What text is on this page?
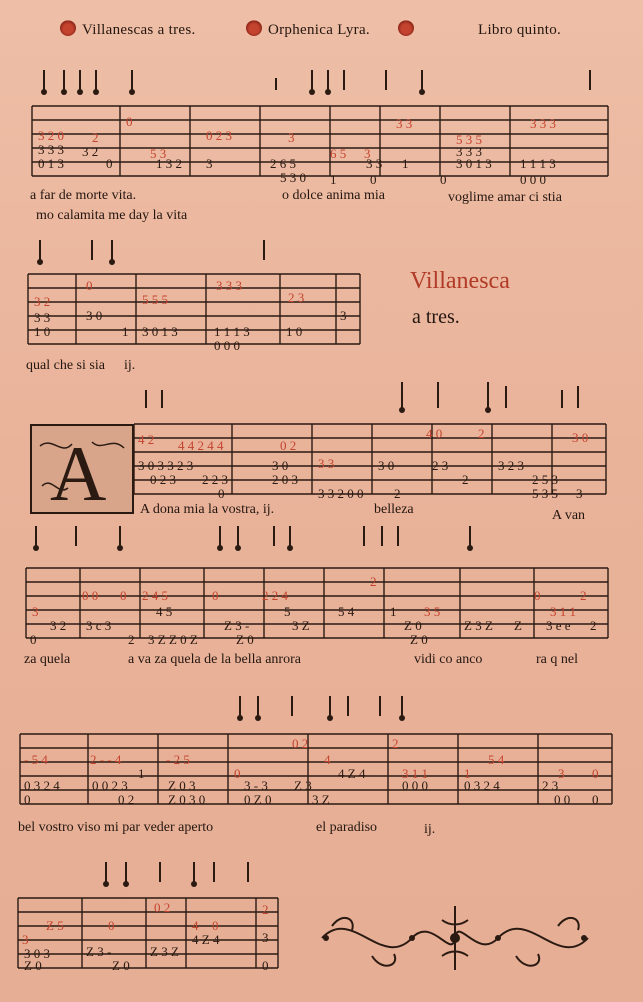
Villanescas a tres.	Orphenica Lyra.	Libro quinto.
3 2 0 2
5 3
0 2 3	3
6 5 3
3 3
5 3 5
3 3 3
0
3 3 3
0 1 3
3 2
0	1 3 2 3	2 6 5
5 3 0 1
3 3 1
3 3 3
3 0 1 3 1 1 1 3
0 0 0
0
0
a far de morte vita.	o dolce anima mia	voglime amar ci stia
mo calamita me day la vita
3 2
0
5 5 5
3 3 3
2 3
3 3
1 0
3 0
1 3 0 1 3	1 1 1 3
0 0 0
1 0
3
qual che si sia ij.
Villanesca
a tres.
A 4 2 4 4 2 4 4	0 2
3 3
4 0	2	3 0
3 0 3 3 2 3
0 2 3 2 2 3
0
3 0
2 0 3
3 3 2 0 0
3 0
2
2 3
2
3 2 3
2 5 3
5 3 5 3
A dona mia la vostra, ij.	belleza	A van
3
0 0 0 2 4 5	0	2 2 4
2
3 5
0	2
3 1 1
0
3 2 3 c 3
2 3 Z Z 0 Z
4 5
Z 3 -
Z 0
5
3 Z
5 4	1
Z 0
Z 0
Z 3 Z Z 3 e e 2
za quela	a va za quela de la bella anrora	vidi co anco	ra q nel
- 5 4	2 - - 4	- 2 5
0
0 2
4
2
3 1 1
5 4
1	3 0
0 3 2 4
0
0 0 2 3
1
0 2
Z 0 3
Z 0 3 0
3 - 3
0 Z 0
Z 3
3 Z
4 Z 4
0 0 0	0 3 2 4	2 3
0 0 0
bel vostro viso mi par veder aperto	el paradiso	ij.
Z 5	0
0 2
4 0
2
3
3 0 3
Z 0
Z 3 -
Z 0
Z 3 Z
4 Z 4	3
0
